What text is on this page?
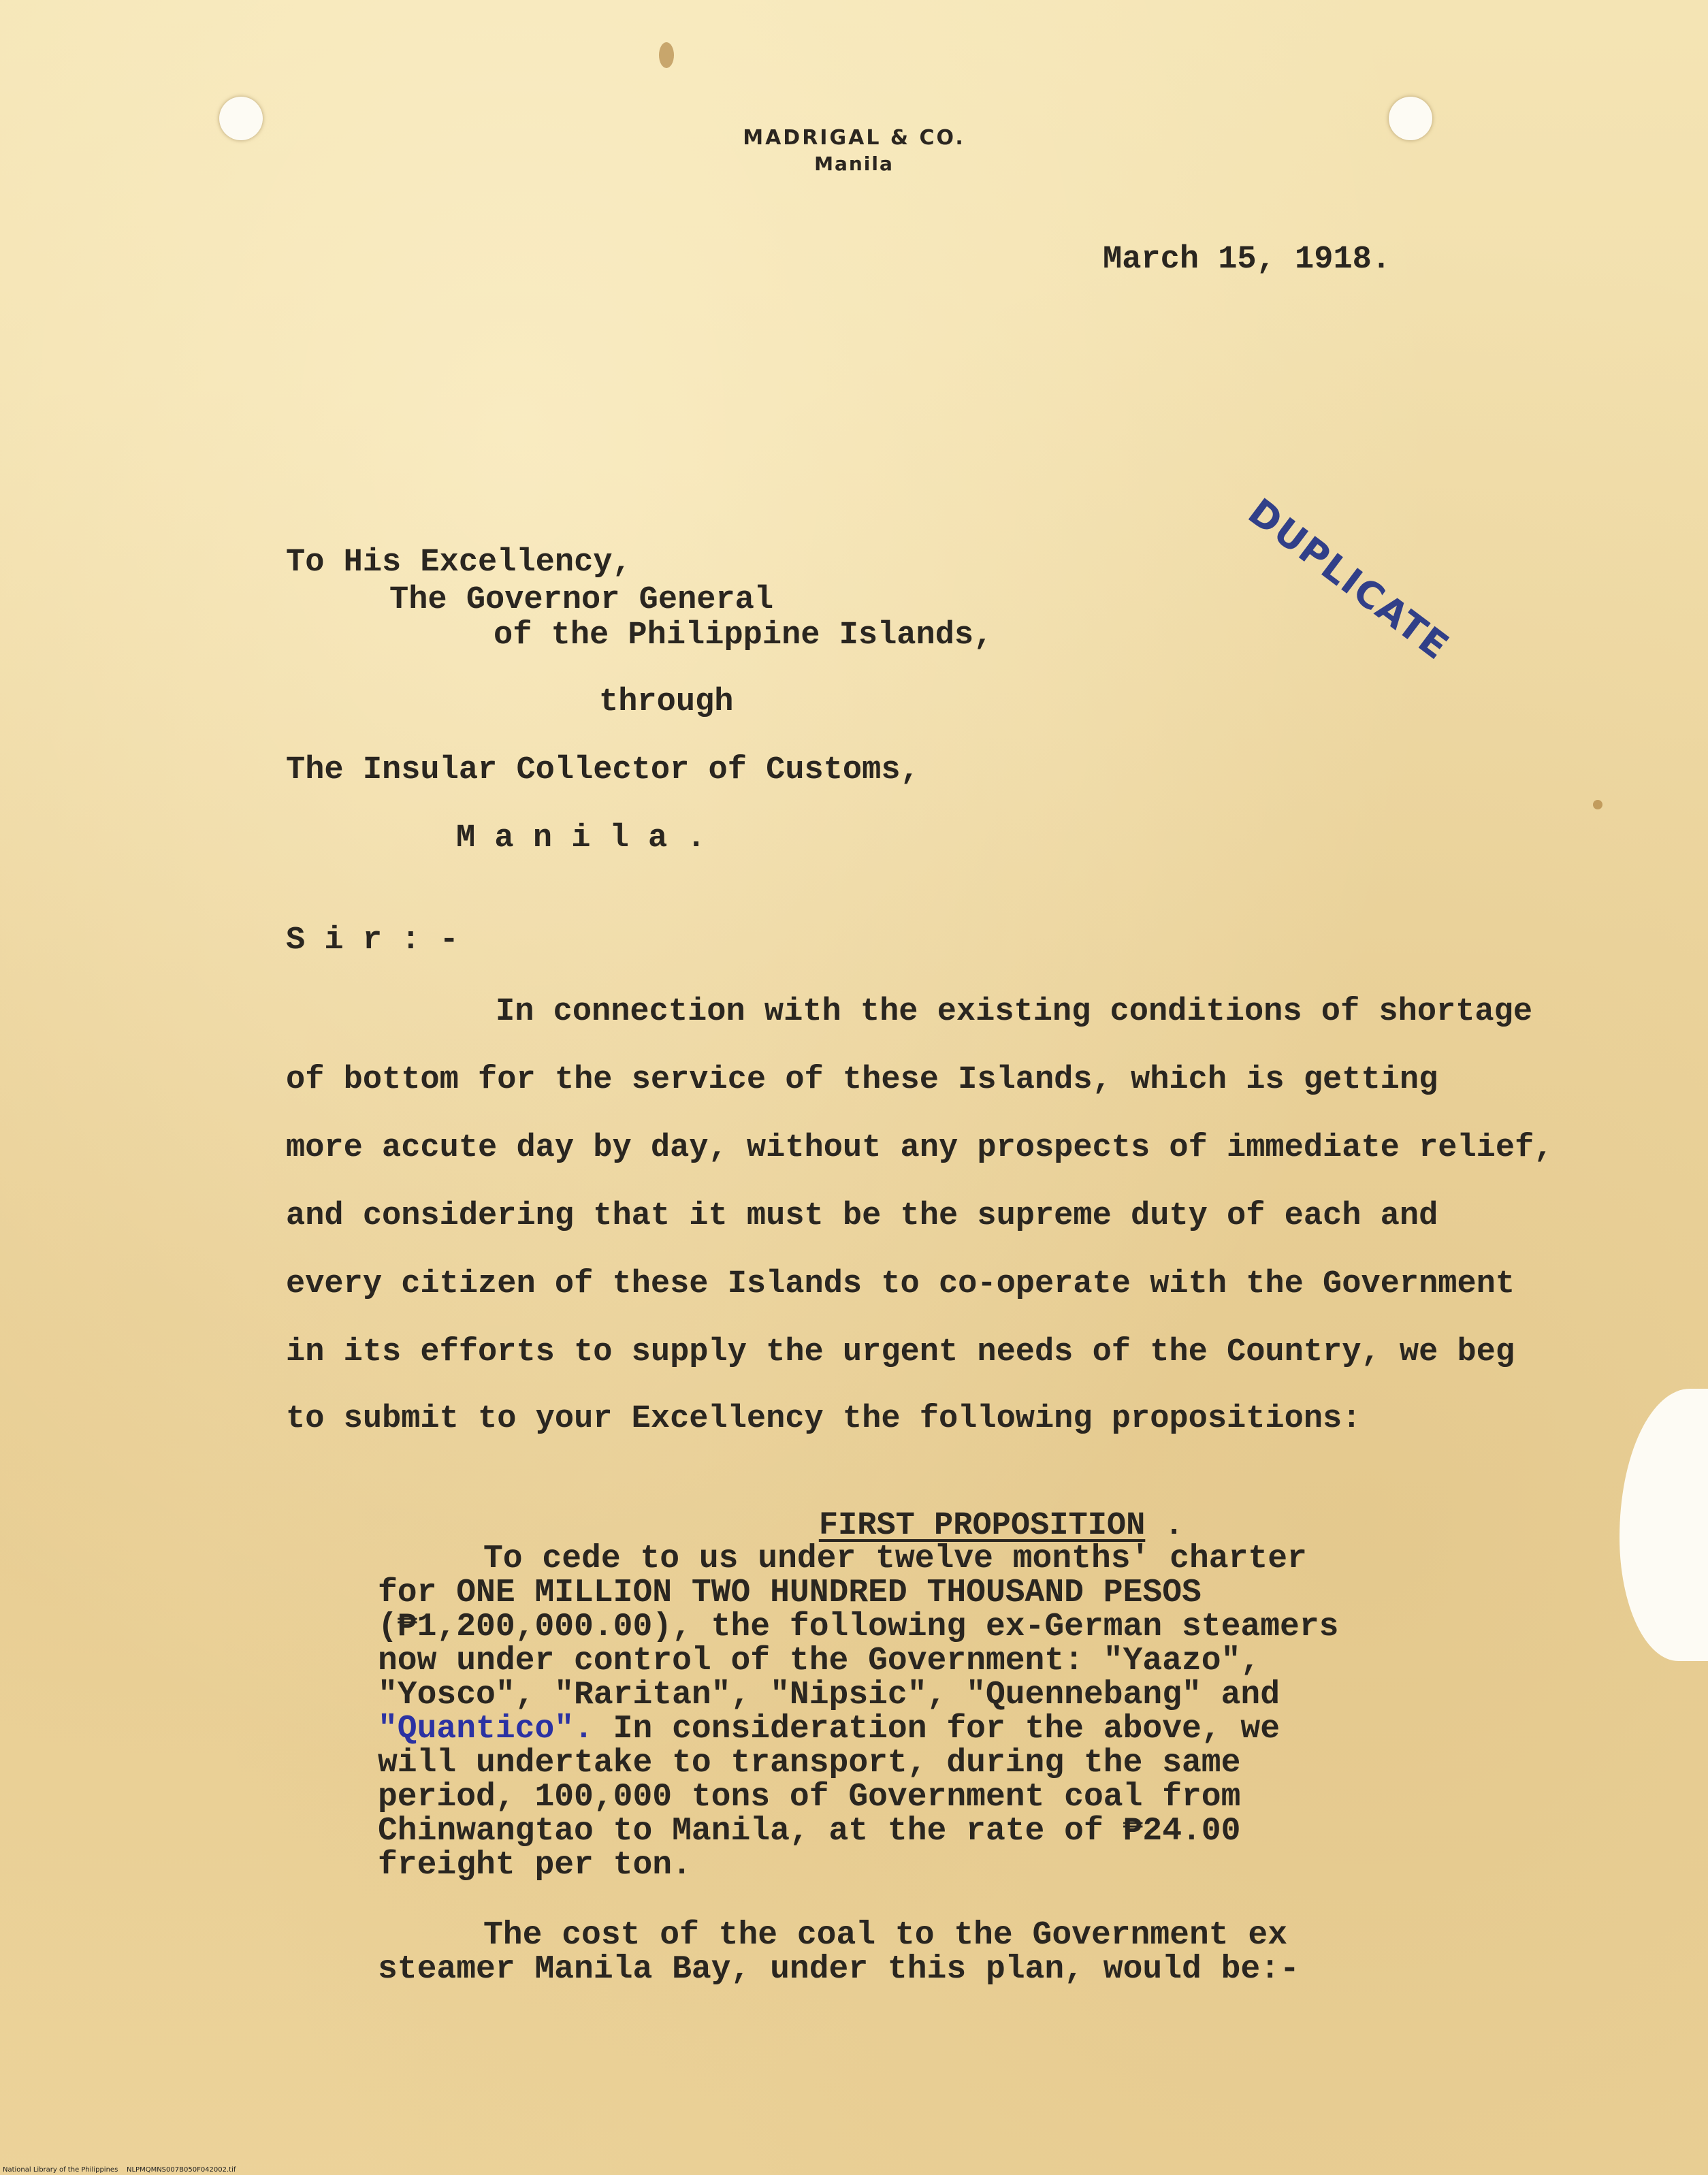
MADRIGAL & CO.
Manila
March 15, 1918.
DUPLICATE
To His Excellency,
The Governor General
of the Philippine Islands,
through
The Insular Collector of Customs,
M a n i l a .
S i r : -
In connection with the existing conditions of shortage
of bottom for the service of these Islands, which is getting
more accute day by day, without any prospects of immediate relief,
and considering that it must be the supreme duty of each and
every citizen of these Islands to co-operate with the Government
in its efforts to supply the urgent needs of the Country, we beg
to submit to your Excellency the following propositions:

FIRST PROPOSITION .

To cede to us under twelve months' charter
for ONE MILLION TWO HUNDRED THOUSAND PESOS
(₱1,200,000.00), the following ex-German steamers
now under control of the Government: "Yaazo",
"Yosco", "Raritan", "Nipsic", "Quennebang" and
"Quantico". In consideration for the above, we
will undertake to transport, during the same
period, 100,000 tons of Government coal from
Chinwangtao to Manila, at the rate of ₱24.00
freight per ton.
The cost of the coal to the Government ex
steamer Manila Bay, under this plan, would be:-
National Library of the Philippines    NLPMQMNS007B050F042002.tif
